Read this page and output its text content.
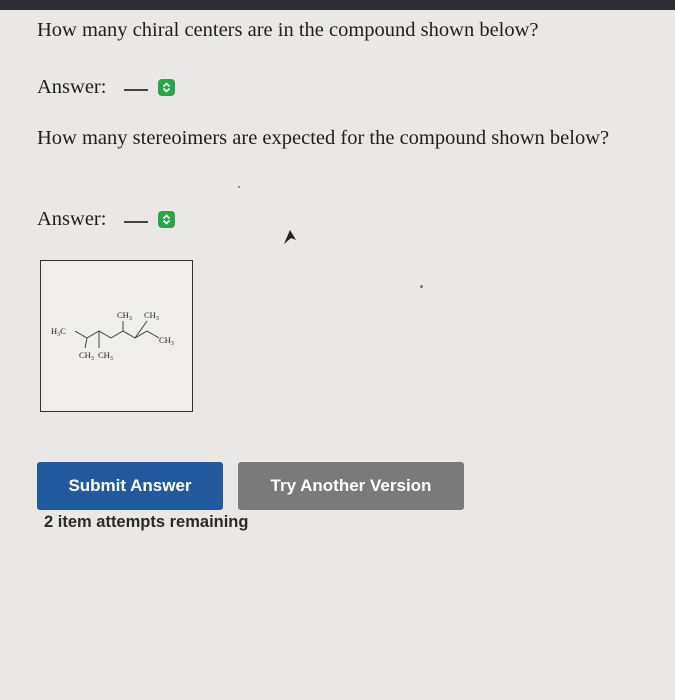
How many chiral centers are in the compound shown below?
Answer:
How many stereoimers are expected for the compound shown below?
Answer:
$H_3C$
$CH_3$ $CH_3$
$CH_3$
$CH_3$ $CH_3$
Submit Answer	Try Another Version
2 item attempts remaining
